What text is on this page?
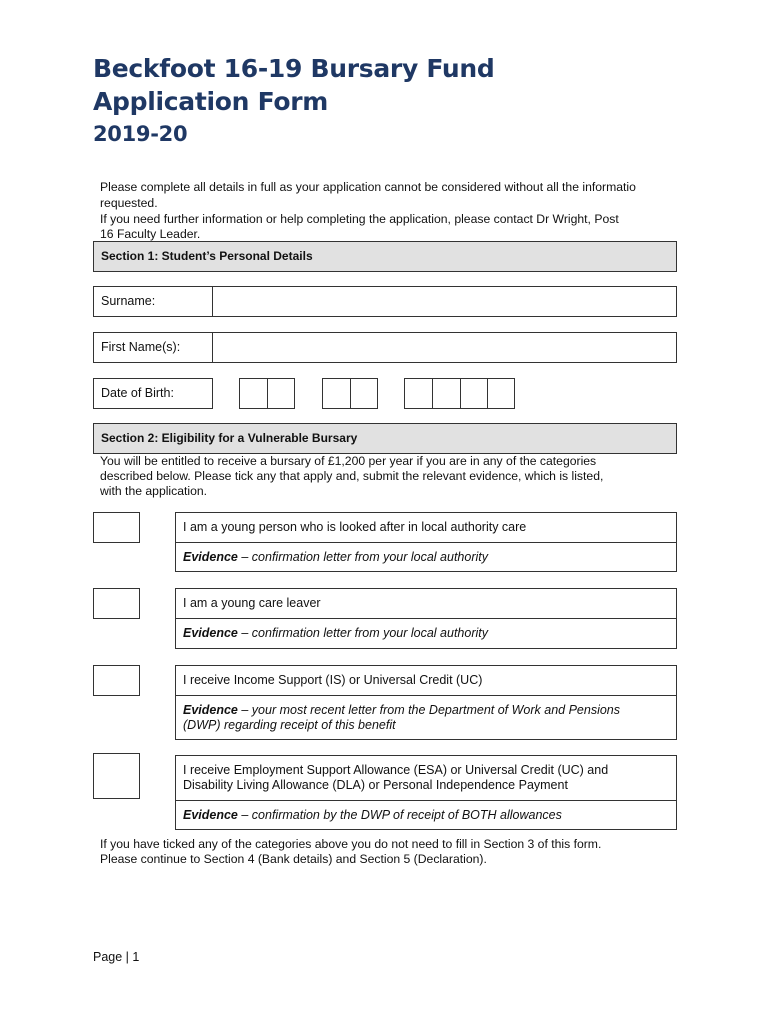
Beckfoot 16-19 Bursary Fund
Application Form
2019-20
Please complete all details in full as your application cannot be considered without all the informatio
requested.
If you need further information or help completing the application, please contact Dr Wright, Post
16 Faculty Leader.
Section 1: Student’s Personal Details
Surname:
First Name(s):
Date of Birth:
Section 2: Eligibility for a Vulnerable Bursary
You will be entitled to receive a bursary of £1,200 per year if you are in any of the categories
described below. Please tick any that apply and, submit the relevant evidence, which is listed,
with the application.
I am a young person who is looked after in local authority care
Evidence – confirmation letter from your local authority
I am a young care leaver
Evidence – confirmation letter from your local authority
I receive Income Support (IS) or Universal Credit (UC)
Evidence – your most recent letter from the Department of Work and Pensions
(DWP) regarding receipt of this benefit
I receive Employment Support Allowance (ESA) or Universal Credit (UC) and
Disability Living Allowance (DLA) or Personal Independence Payment
Evidence – confirmation by the DWP of receipt of BOTH allowances
If you have ticked any of the categories above you do not need to fill in Section 3 of this form.
Please continue to Section 4 (Bank details) and Section 5 (Declaration).
Page | 1
